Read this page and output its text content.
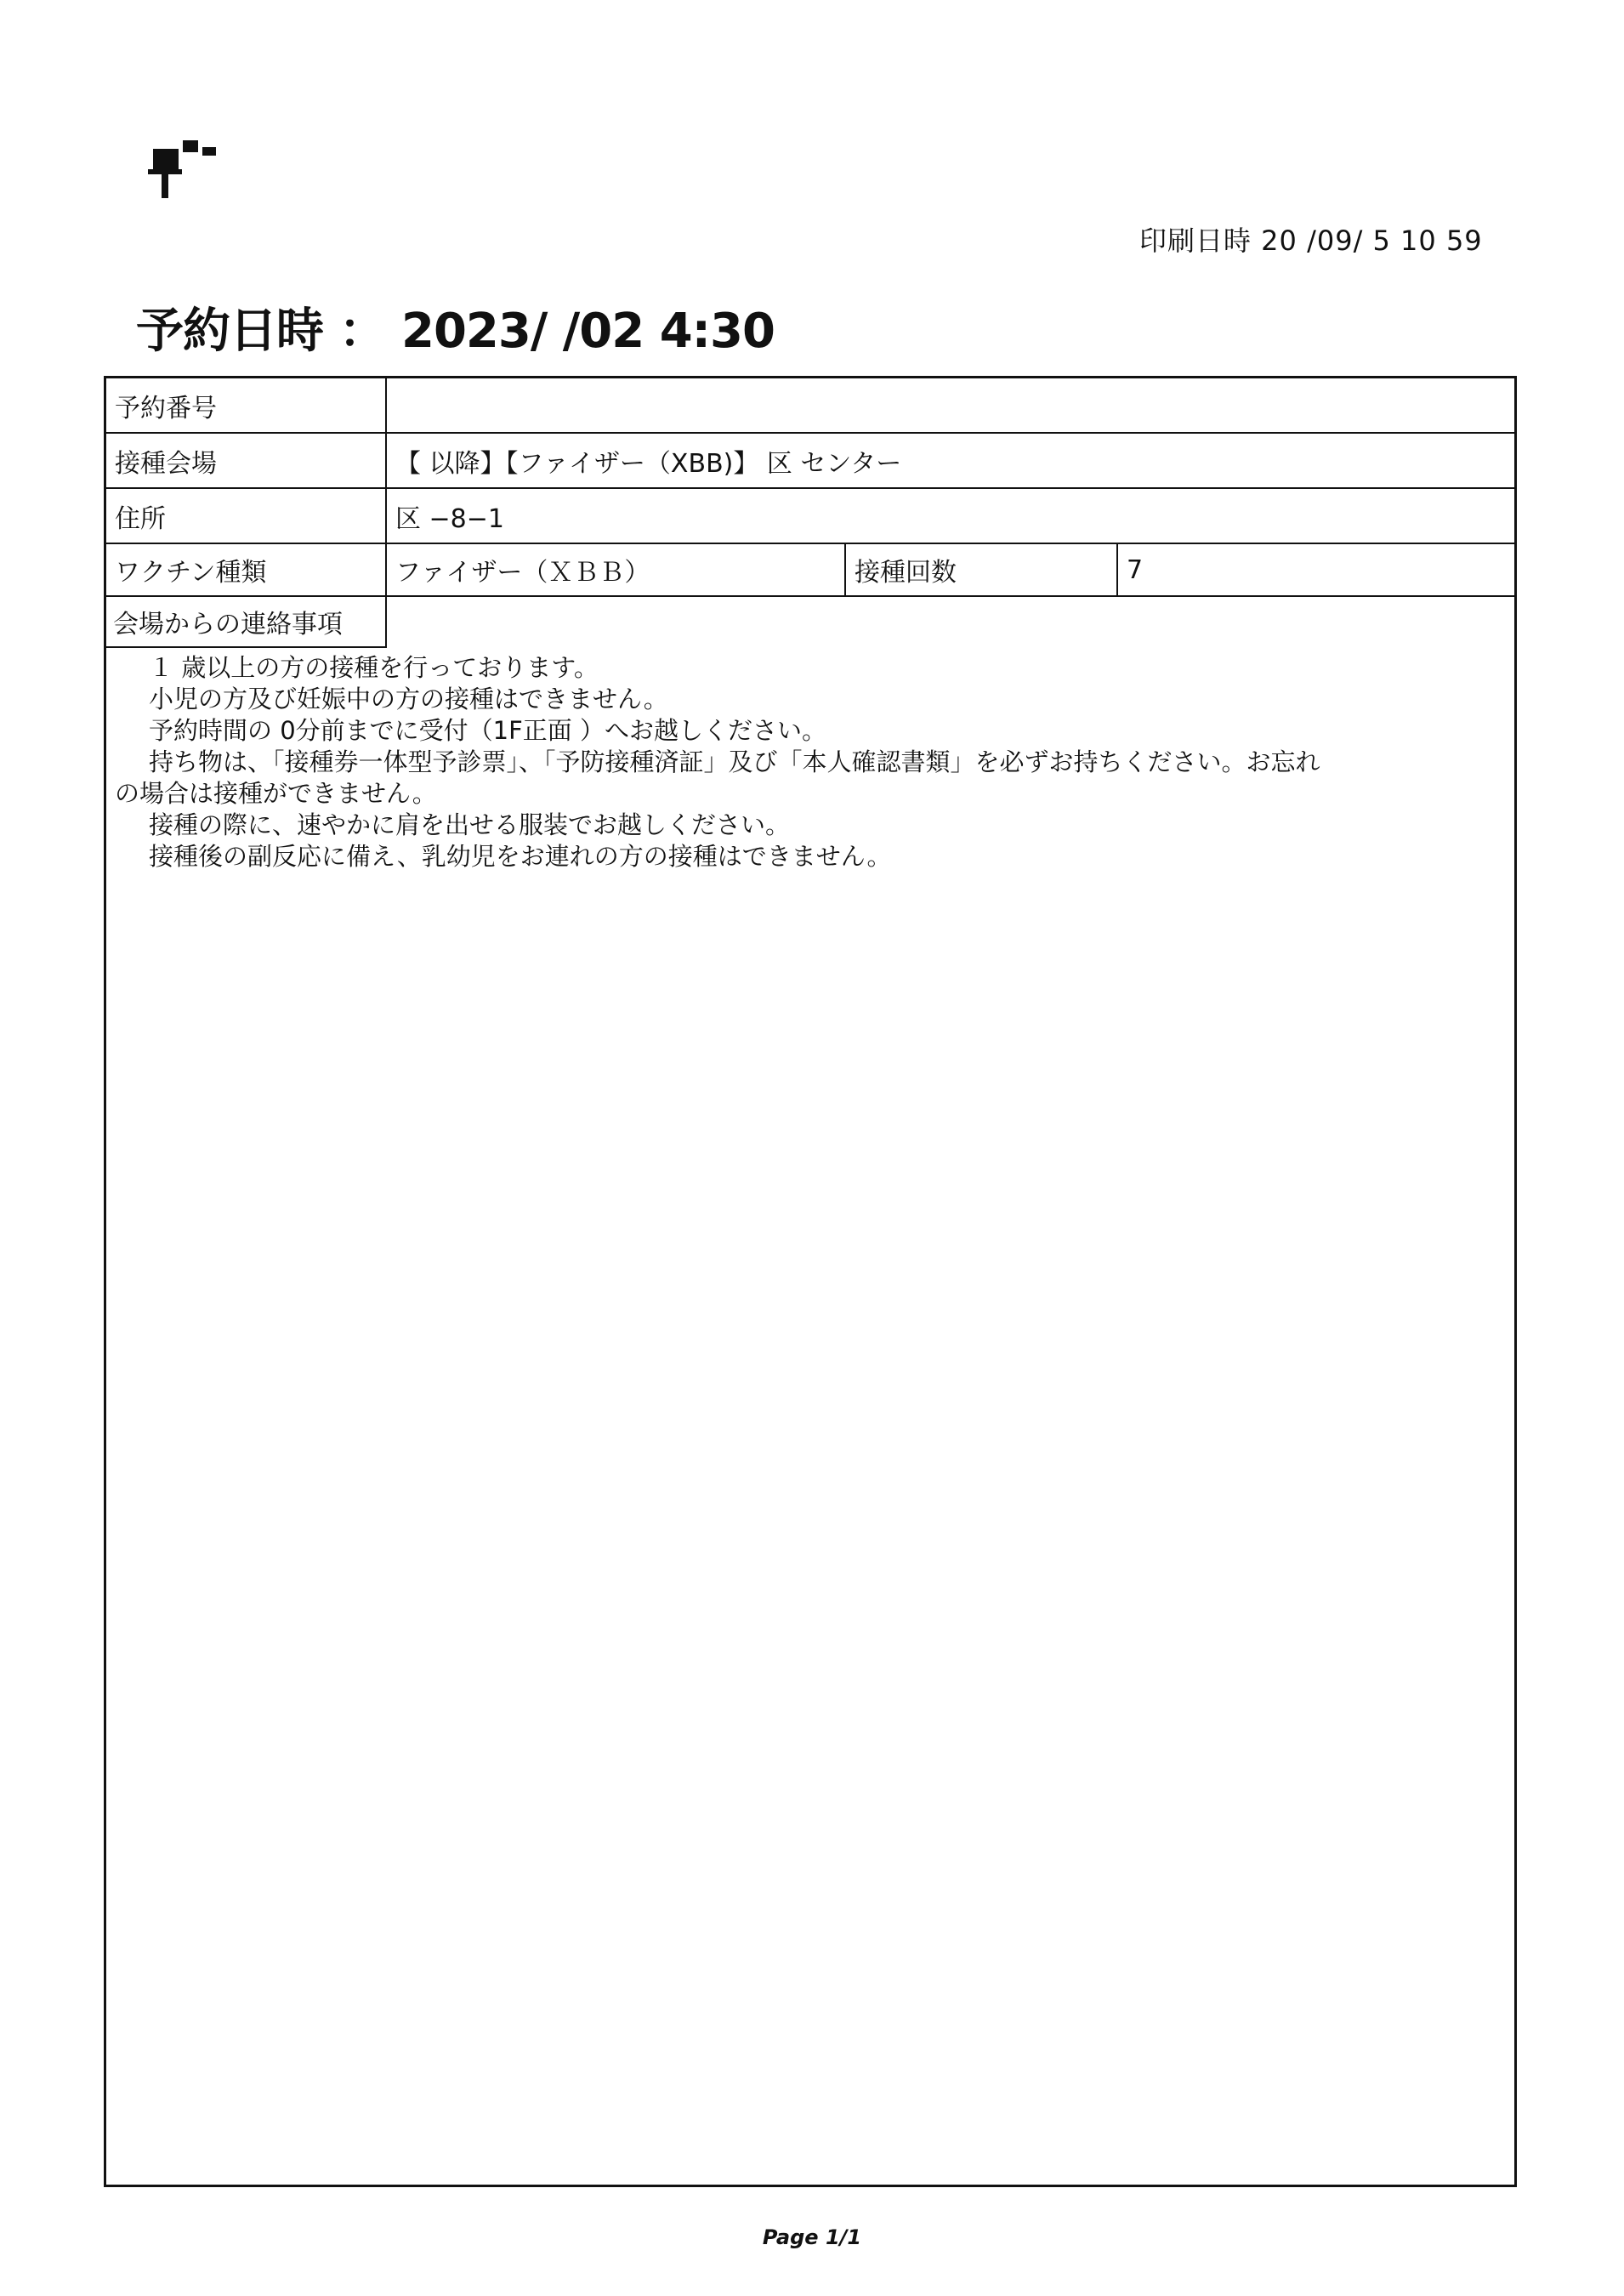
印刷日時 20 /09/ 5 10 59
予約日時 ： 2023/ /02 4:30
予約番号
接種会場	【 以降】【ファイザー（XBB)】 区 センター
住所	区 −8−1
ワクチン種類	ファイザー（ＸＢＢ）	接種回数	7
会場からの連絡事項
１ 歳以上の方の接種を行っております。
小児の方及び妊娠中の方の接種はできません。
予約時間の 0分前までに受付（1F正面 ）へお越しください。
持ち物は、「接種券一体型予診票」、「予防接種済証」及び「本人確認書類」を必ずお持ちください。お忘れ
の場合は接種ができません。
接種の際に、速やかに肩を出せる服装でお越しください。
接種後の副反応に備え、乳幼児をお連れの方の接種はできません。
Page 1/1
